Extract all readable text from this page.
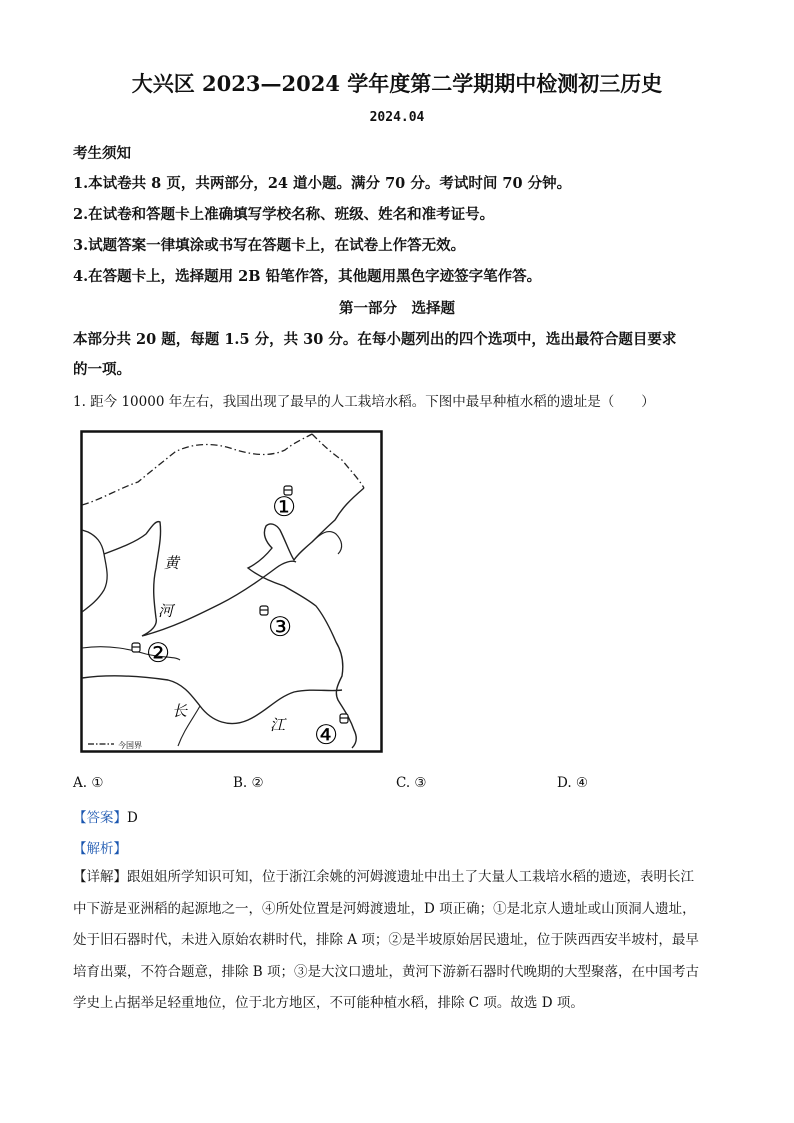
大兴区 2023—2024 学年度第二学期期中检测初三历史
2024.04
考生须知
1.本试卷共 8 页，共两部分，24 道小题。满分 70 分。考试时间 70 分钟。
2.在试卷和答题卡上准确填写学校名称、班级、姓名和准考证号。
3.试题答案一律填涂或书写在答题卡上，在试卷上作答无效。
4.在答题卡上，选择题用 2B 铅笔作答，其他题用黑色字迹签字笔作答。
第一部分　选择题
本部分共 20 题，每题 1.5 分，共 30 分。在每小题列出的四个选项中，选出最符合题目要求
的一项。
1. 距今 10000 年左右，我国出现了最早的人工栽培水稻。下图中最早种植水稻的遗址是（　　）
①
②
③
④
黄
河
长
江
今国界
A. ①	B. ②	C. ③	D. ④
【答案】D
【解析】
【详解】跟姐姐所学知识可知，位于浙江余姚的河姆渡遗址中出土了大量人工栽培水稻的遗迹，表明长江
中下游是亚洲稻的起源地之一，④所处位置是河姆渡遗址，D 项正确；①是北京人遗址或山顶洞人遗址，
处于旧石器时代，未进入原始农耕时代，排除 A 项；②是半坡原始居民遗址，位于陕西西安半坡村，最早
培育出粟，不符合题意，排除 B 项；③是大汶口遗址，黄河下游新石器时代晚期的大型聚落，在中国考古
学史上占据举足轻重地位，位于北方地区，不可能种植水稻，排除 C 项。故选 D 项。
